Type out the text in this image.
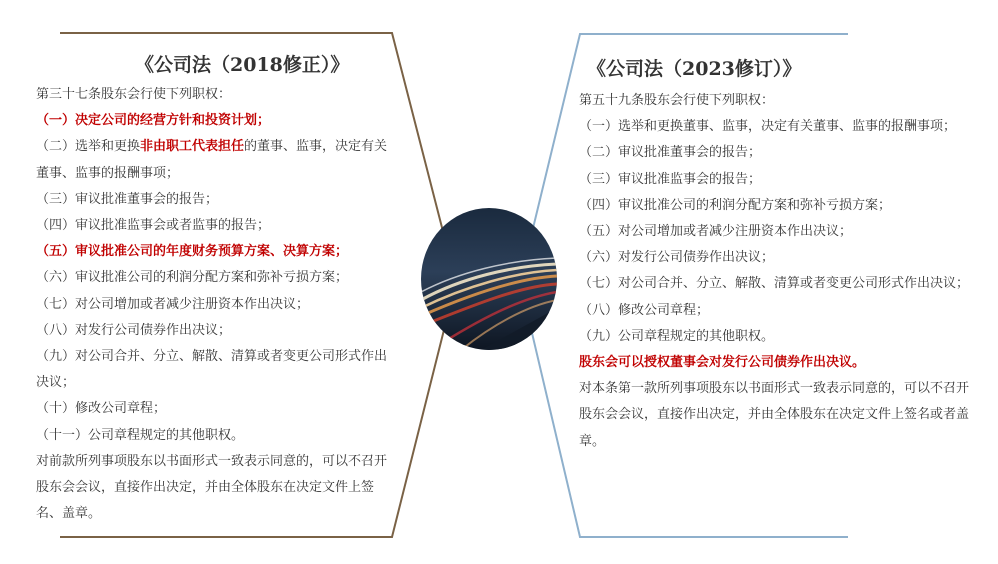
《公司法（2018修正）》

第三十七条股东会行使下列职权：

（一）决定公司的经营方针和投资计划；

（二）选举和更换非由职工代表担任的董事、监事，决定有关董事、监事的报酬事项；

（三）审议批准董事会的报告；

（四）审议批准监事会或者监事的报告；

（五）审议批准公司的年度财务预算方案、决算方案；

（六）审议批准公司的利润分配方案和弥补亏损方案；

（七）对公司增加或者减少注册资本作出决议；

（八）对发行公司债券作出决议；

（九）对公司合并、分立、解散、清算或者变更公司形式作出决议；

（十）修改公司章程；

（十一）公司章程规定的其他职权。

对前款所列事项股东以书面形式一致表示同意的，可以不召开股东会会议，直接作出决定，并由全体股东在决定文件上签名、盖章。

《公司法（2023修订）》

第五十九条股东会行使下列职权：

（一）选举和更换董事、监事，决定有关董事、监事的报酬事项；

（二）审议批准董事会的报告；

（三）审议批准监事会的报告；

（四）审议批准公司的利润分配方案和弥补亏损方案；

（五）对公司增加或者减少注册资本作出决议；

（六）对发行公司债券作出决议；

（七）对公司合并、分立、解散、清算或者变更公司形式作出决议；

（八）修改公司章程；

（九）公司章程规定的其他职权。

股东会可以授权董事会对发行公司债券作出决议。

对本条第一款所列事项股东以书面形式一致表示同意的，可以不召开股东会会议，直接作出决定，并由全体股东在决定文件上签名或者盖章。
